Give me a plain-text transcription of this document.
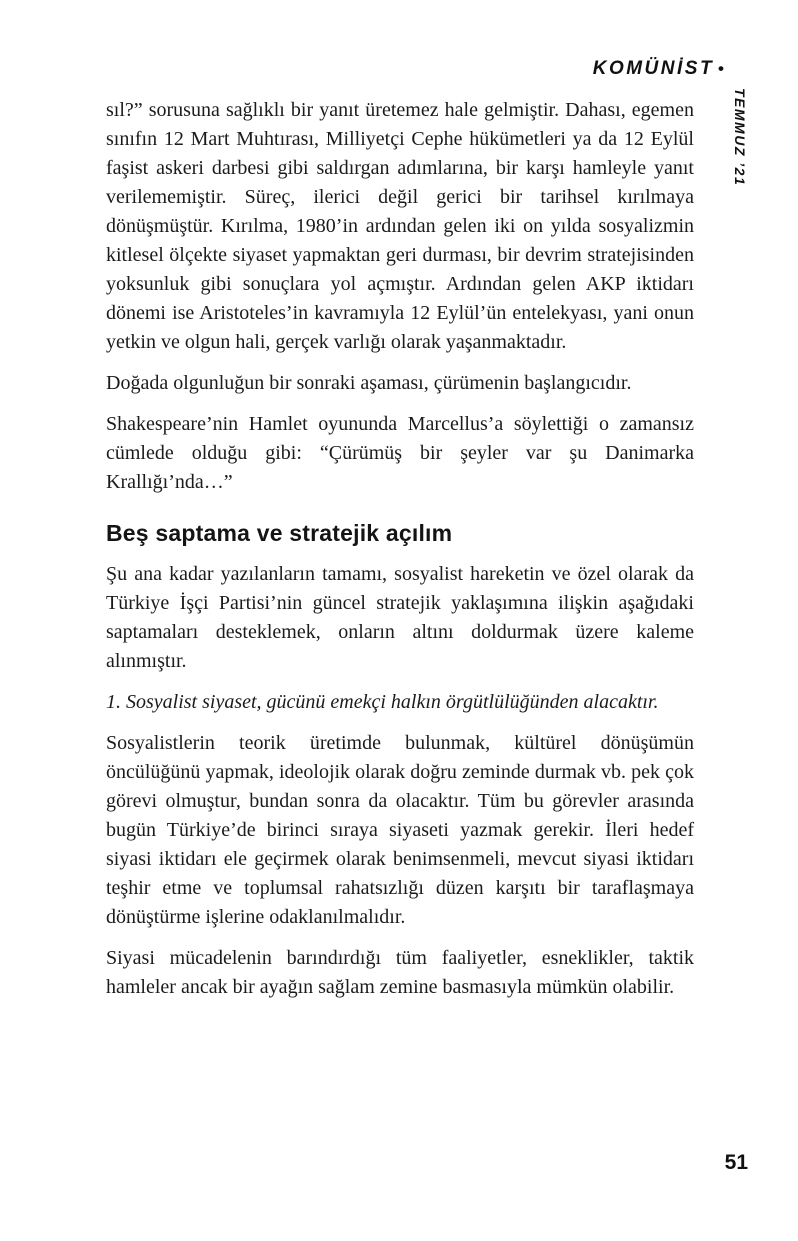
KOMÜNİST •
TEMMUZ ’21

sıl?” sorusuna sağlıklı bir yanıt üretemez hale gelmiştir. Dahası, egemen sınıfın 12 Mart Muhtırası, Milliyetçi Cephe hükümetleri ya da 12 Eylül faşist askeri darbesi gibi saldırgan adımlarına, bir karşı hamleyle yanıt verilememiştir. Süreç, ilerici değil gerici bir tarihsel kırılmaya dönüşmüştür. Kırılma, 1980’in ardından gelen iki on yılda sosyalizmin kitlesel ölçekte siyaset yapmaktan geri durması, bir devrim stratejisinden yoksunluk gibi sonuçlara yol açmıştır. Ardından gelen AKP iktidarı dönemi ise Aristoteles’in kavramıyla 12 Eylül’ün entelekyası, yani onun yetkin ve olgun hali, gerçek varlığı olarak yaşanmaktadır.

Doğada olgunluğun bir sonraki aşaması, çürümenin başlangıcıdır.

Shakespeare’nin Hamlet oyununda Marcellus’a söylettiği o zamansız cümlede olduğu gibi: “Çürümüş bir şeyler var şu Danimarka Krallığı’nda…”

Beş saptama ve stratejik açılım

Şu ana kadar yazılanların tamamı, sosyalist hareketin ve özel olarak da Türkiye İşçi Partisi’nin güncel stratejik yaklaşımına ilişkin aşağıdaki saptamaları desteklemek, onların altını doldurmak üzere kaleme alınmıştır.

1. Sosyalist siyaset, gücünü emekçi halkın örgütlülüğünden alacaktır.

Sosyalistlerin teorik üretimde bulunmak, kültürel dönüşümün öncülüğünü yapmak, ideolojik olarak doğru zeminde durmak vb. pek çok görevi olmuştur, bundan sonra da olacaktır. Tüm bu görevler arasında bugün Türkiye’de birinci sıraya siyaseti yazmak gerekir. İleri hedef siyasi iktidarı ele geçirmek olarak benimsenmeli, mevcut siyasi iktidarı teşhir etme ve toplumsal rahatsızlığı düzen karşıtı bir taraflaşmaya dönüştürme işlerine odaklanılmalıdır.

Siyasi mücadelenin barındırdığı tüm faaliyetler, esneklikler, taktik hamleler ancak bir ayağın sağlam zemine basmasıyla mümkün olabilir.

51
